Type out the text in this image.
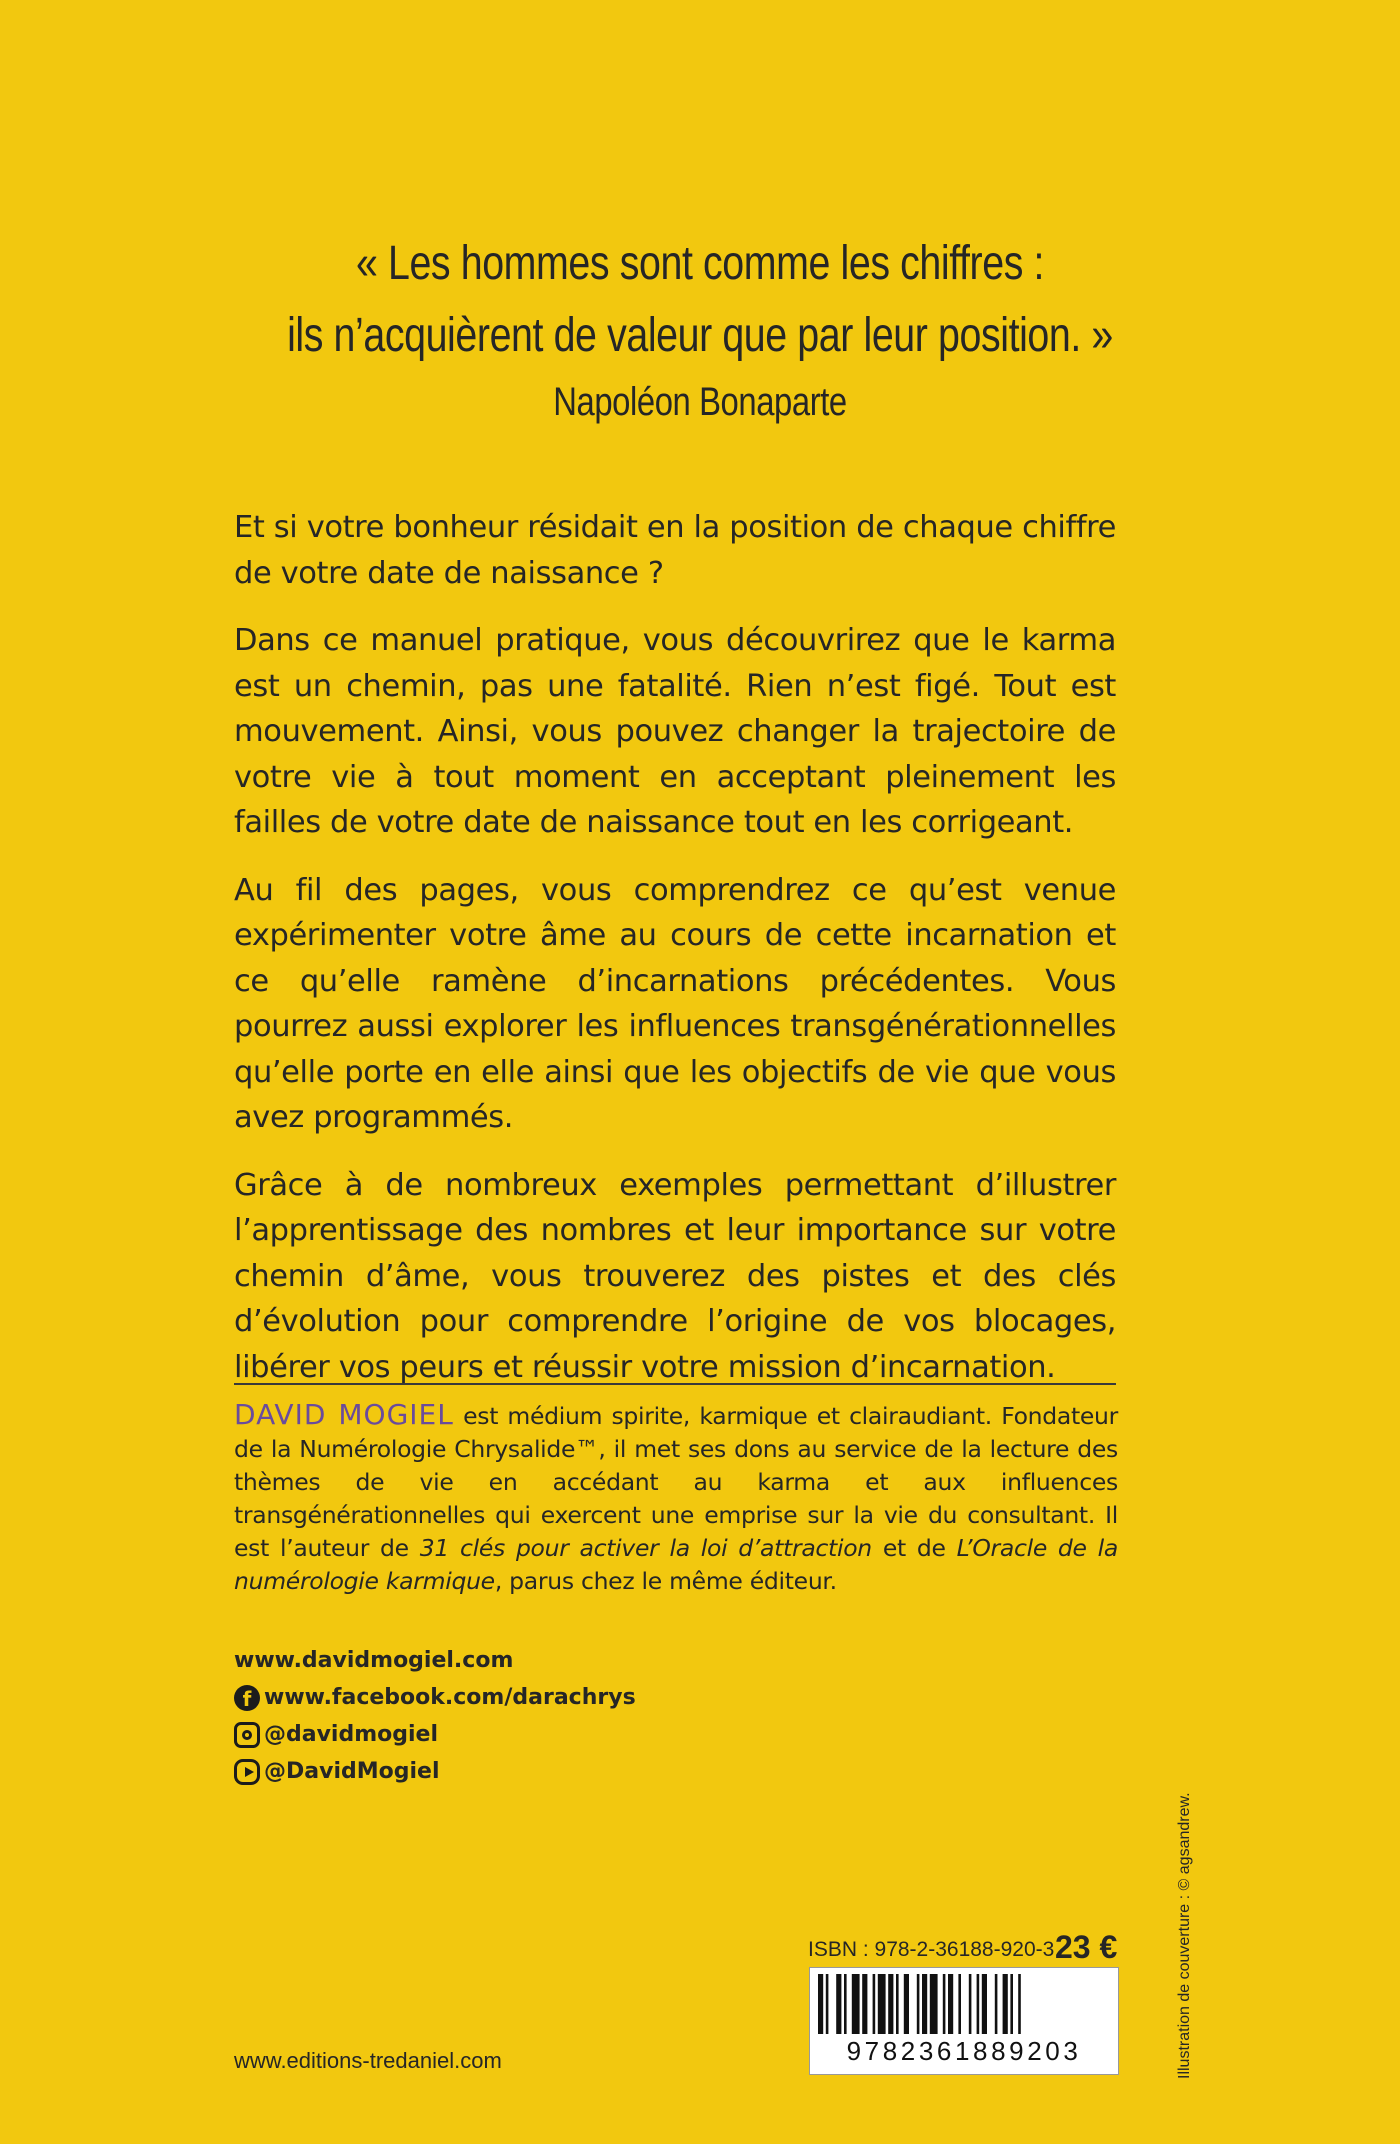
« Les hommes sont comme les chiffres :
ils n’acquièrent de valeur que par leur position. »
Napoléon Bonaparte

Et si votre bonheur résidait en la position de chaque chiffre de votre date de naissance ?

Dans ce manuel pratique, vous découvrirez que le karma est un chemin, pas une fatalité. Rien n’est figé. Tout est mouvement. Ainsi, vous pouvez changer la trajectoire de votre vie à tout moment en acceptant pleinement les failles de votre date de naissance tout en les corrigeant.

Au fil des pages, vous comprendrez ce qu’est venue expérimenter votre âme au cours de cette incarnation et ce qu’elle ramène d’incarnations précédentes. Vous pourrez aussi explorer les influences transgénérationnelles qu’elle porte en elle ainsi que les objectifs de vie que vous avez programmés.

Grâce à de nombreux exemples permettant d’illustrer l’apprentissage des nombres et leur importance sur votre chemin d’âme, vous trouverez des pistes et des clés d’évolution pour comprendre l’origine de vos blocages, libérer vos peurs et réussir votre mission d’incarnation.

DAVID MOGIEL est médium spirite, karmique et clairaudiant. Fondateur de la Numérologie Chrysalide™, il met ses dons au service de la lecture des thèmes de vie en accédant au karma et aux influences transgénérationnelles qui exercent une emprise sur la vie du consultant. Il est l’auteur de 31 clés pour activer la loi d’attraction et de L’Oracle de la numérologie karmique, parus chez le même éditeur.
www.davidmogiel.com
f www.facebook.com/darachrys
@davidmogiel
@DavidMogiel
www.editions-tredaniel.com
ISBN : 978-2-36188-920-3 23 €
9782361889203	Illustration de couverture : © agsandrew.
